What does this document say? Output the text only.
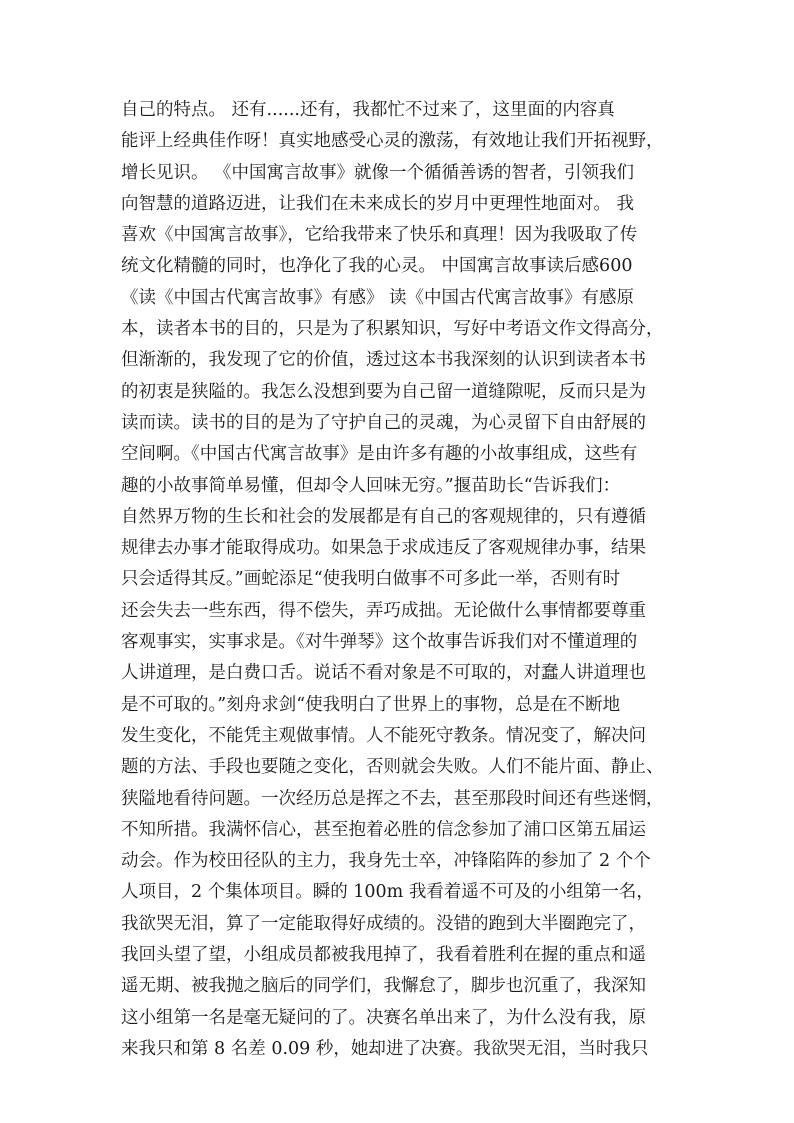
自己的特点。 还有......还有，我都忙不过来了，这里面的内容真
能评上经典佳作呀！真实地感受心灵的激荡，有效地让我们开拓视野，
增长见识。 《中国寓言故事》就像一个循循善诱的智者，引领我们
向智慧的道路迈进，让我们在未来成长的岁月中更理性地面对。 我
喜欢《中国寓言故事》，它给我带来了快乐和真理！因为我吸取了传
统文化精髓的同时，也净化了我的心灵。 中国寓言故事读后感600
《读《中国古代寓言故事》有感》 读《中国古代寓言故事》有感原
本，读者本书的目的，只是为了积累知识，写好中考语文作文得高分，
但渐渐的，我发现了它的价值，透过这本书我深刻的认识到读者本书
的初衷是狭隘的。我怎么没想到要为自己留一道缝隙呢，反而只是为
读而读。读书的目的是为了守护自己的灵魂，为心灵留下自由舒展的
空间啊。《中国古代寓言故事》是由许多有趣的小故事组成，这些有
趣的小故事简单易懂，但却令人回味无穷。”揠苗助长“告诉我们：
自然界万物的生长和社会的发展都是有自己的客观规律的，只有遵循
规律去办事才能取得成功。如果急于求成违反了客观规律办事，结果
只会适得其反。”画蛇添足“使我明白做事不可多此一举，否则有时
还会失去一些东西，得不偿失，弄巧成拙。无论做什么事情都要尊重
客观事实，实事求是。《对牛弹琴》这个故事告诉我们对不懂道理的
人讲道理，是白费口舌。说话不看对象是不可取的，对蠢人讲道理也
是不可取的。”刻舟求剑“使我明白了世界上的事物，总是在不断地
发生变化，不能凭主观做事情。人不能死守教条。情况变了，解决问
题的方法、手段也要随之变化，否则就会失败。人们不能片面、静止、
狭隘地看待问题。一次经历总是挥之不去，甚至那段时间还有些迷惘，
不知所措。我满怀信心，甚至抱着必胜的信念参加了浦口区第五届运
动会。作为校田径队的主力，我身先士卒，冲锋陷阵的参加了 2 个个
人项目，2 个集体项目。瞬的 100m 我看着遥不可及的小组第一名，
我欲哭无泪，算了一定能取得好成绩的。没错的跑到大半圈跑完了，
我回头望了望，小组成员都被我甩掉了，我看着胜利在握的重点和遥
遥无期、被我抛之脑后的同学们，我懈怠了，脚步也沉重了，我深知
这小组第一名是毫无疑问的了。决赛名单出来了，为什么没有我，原
来我只和第 8 名差 0.09 秒，她却进了决赛。我欲哭无泪，当时我只
